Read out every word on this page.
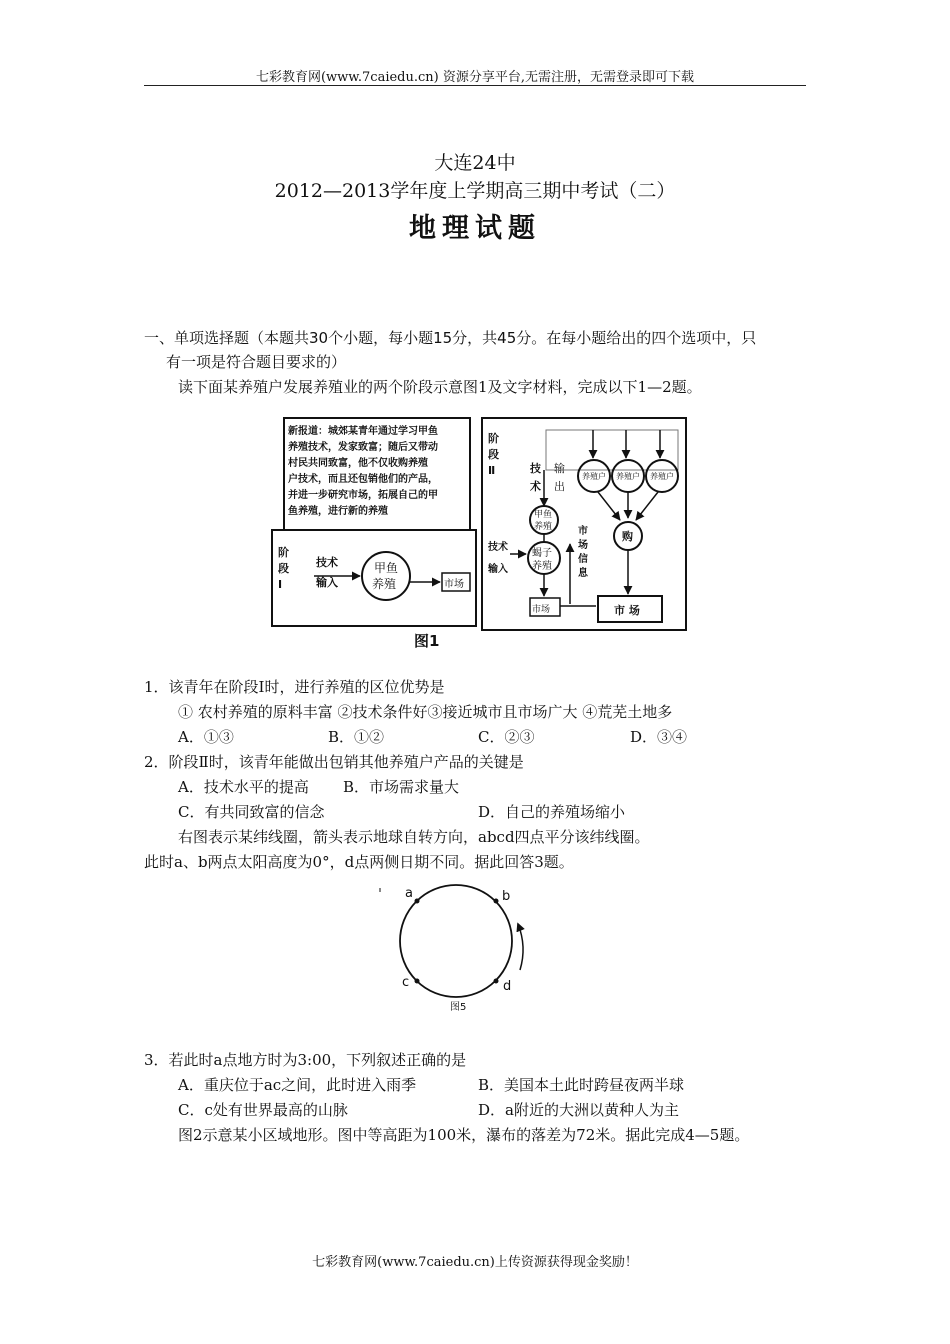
七彩教育网(www.7caiedu.cn) 资源分享平台,无需注册，无需登录即可下载
大连24中
2012—2013学年度上学期高三期中考试（二）
地理试题
一、单项选择题（本题共30个小题，每小题15分，共45分。在每小题给出的四个选项中，只
有一项是符合题目要求的）
读下面某养殖户发展养殖业的两个阶段示意图1及文字材料，完成以下1—2题。
新报道：城郊某青年通过学习甲鱼
养殖技术，发家致富；随后又带动
村民共同致富，他不仅收购养殖
户技术，而且还包销他们的产品，
并进一步研究市场，拓展自己的甲
鱼养殖，进行新的养殖
阶
段
Ⅰ
技术
输入
甲鱼
养殖	市场
阶
段
Ⅱ	技
术
输
出
养殖户 养殖户 养殖户
购
市 场
甲鱼
养殖
蝎子
养殖
技术
输入
市场
市
场
信
息
图1
1．该青年在阶段Ⅰ时，进行养殖的区位优势是
① 农村养殖的原料丰富 ②技术条件好③接近城市且市场广大 ④荒芜土地多
A．①③	B．①②	C．②③	D．③④
2．阶段Ⅱ时，该青年能做出包销其他养殖户产品的关键是
A．技术水平的提高 B．市场需求量大
C．有共同致富的信念	D．自己的养殖场缩小
右图表示某纬线圈，箭头表示地球自转方向，abcd四点平分该纬线圈。
此时a、b两点太阳高度为0°，d点两侧日期不同。据此回答3题。
a	b
c	d
图5
3．若此时a点地方时为3:00，下列叙述正确的是
A．重庆位于ac之间，此时进入雨季	B．美国本土此时跨昼夜两半球
C．c处有世界最高的山脉	D．a附近的大洲以黄种人为主
图2示意某小区域地形。图中等高距为100米，瀑布的落差为72米。据此完成4—5题。
七彩教育网(www.7caiedu.cn)上传资源获得现金奖励！
